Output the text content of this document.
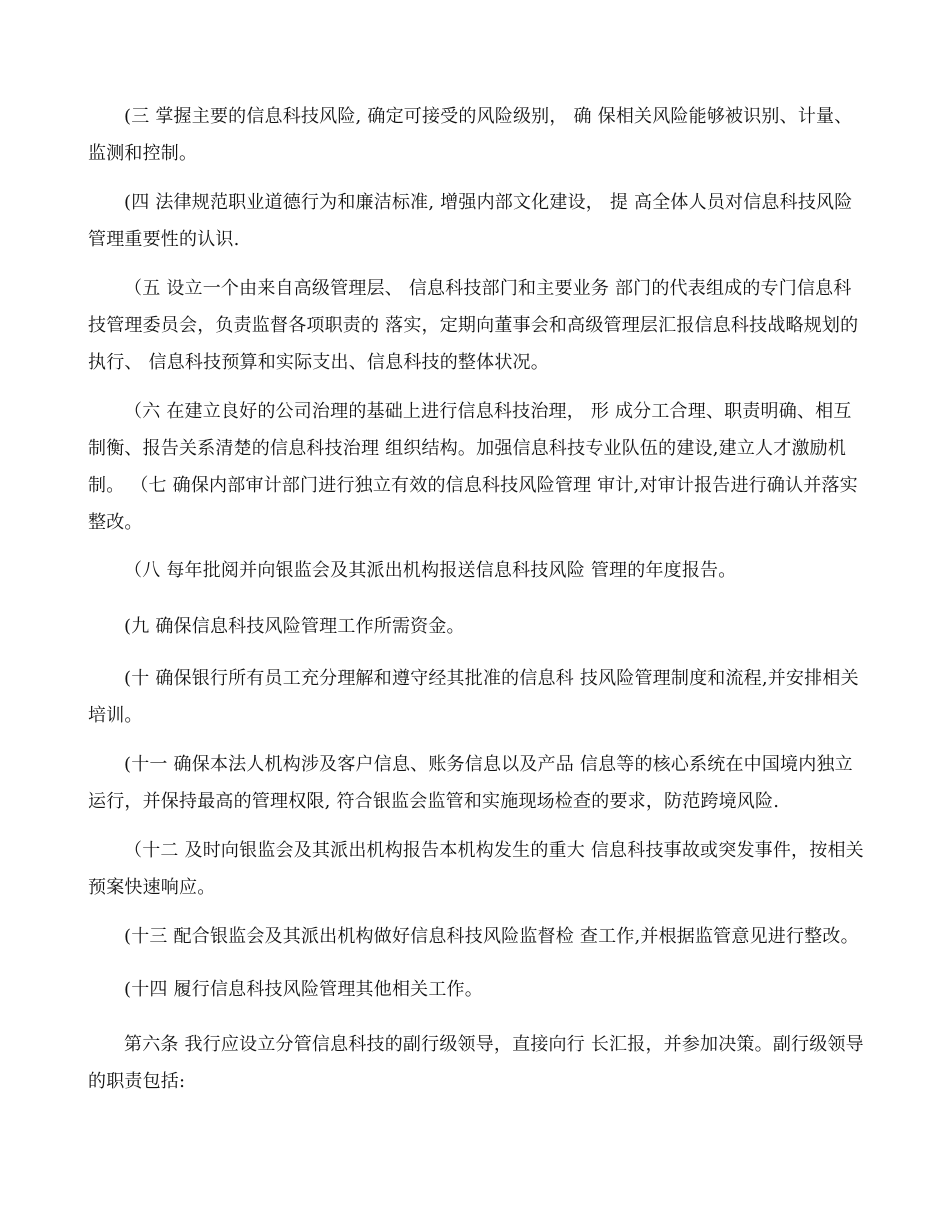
(三 掌握主要的信息科技风险, 确定可接受的风险级别， 确 保相关风险能够被识别、计量、监测和控制。

(四 法律规范职业道德行为和廉洁标准, 增强内部文化建设， 提 高全体人员对信息科技风险管理重要性的认识.

（五 设立一个由来自高级管理层、 信息科技部门和主要业务 部门的代表组成的专门信息科技管理委员会，负责监督各项职责的 落实，定期向董事会和高级管理层汇报信息科技战略规划的执行、 信息科技预算和实际支出、信息科技的整体状况。

（六 在建立良好的公司治理的基础上进行信息科技治理， 形 成分工合理、职责明确、相互制衡、报告关系清楚的信息科技治理 组织结构。加强信息科技专业队伍的建设,建立人才激励机制。 （七 确保内部审计部门进行独立有效的信息科技风险管理 审计,对审计报告进行确认并落实整改。

（八 每年批阅并向银监会及其派出机构报送信息科技风险 管理的年度报告。

(九 确保信息科技风险管理工作所需资金。

(十 确保银行所有员工充分理解和遵守经其批准的信息科 技风险管理制度和流程,并安排相关培训。

(十一 确保本法人机构涉及客户信息、账务信息以及产品 信息等的核心系统在中国境内独立运行，并保持最高的管理权限, 符合银监会监管和实施现场检查的要求，防范跨境风险.

（十二 及时向银监会及其派出机构报告本机构发生的重大 信息科技事故或突发事件，按相关预案快速响应。

(十三 配合银监会及其派出机构做好信息科技风险监督检 查工作,并根据监管意见进行整改。

(十四 履行信息科技风险管理其他相关工作。

第六条 我行应设立分管信息科技的副行级领导，直接向行 长汇报，并参加决策。副行级领导的职责包括:
